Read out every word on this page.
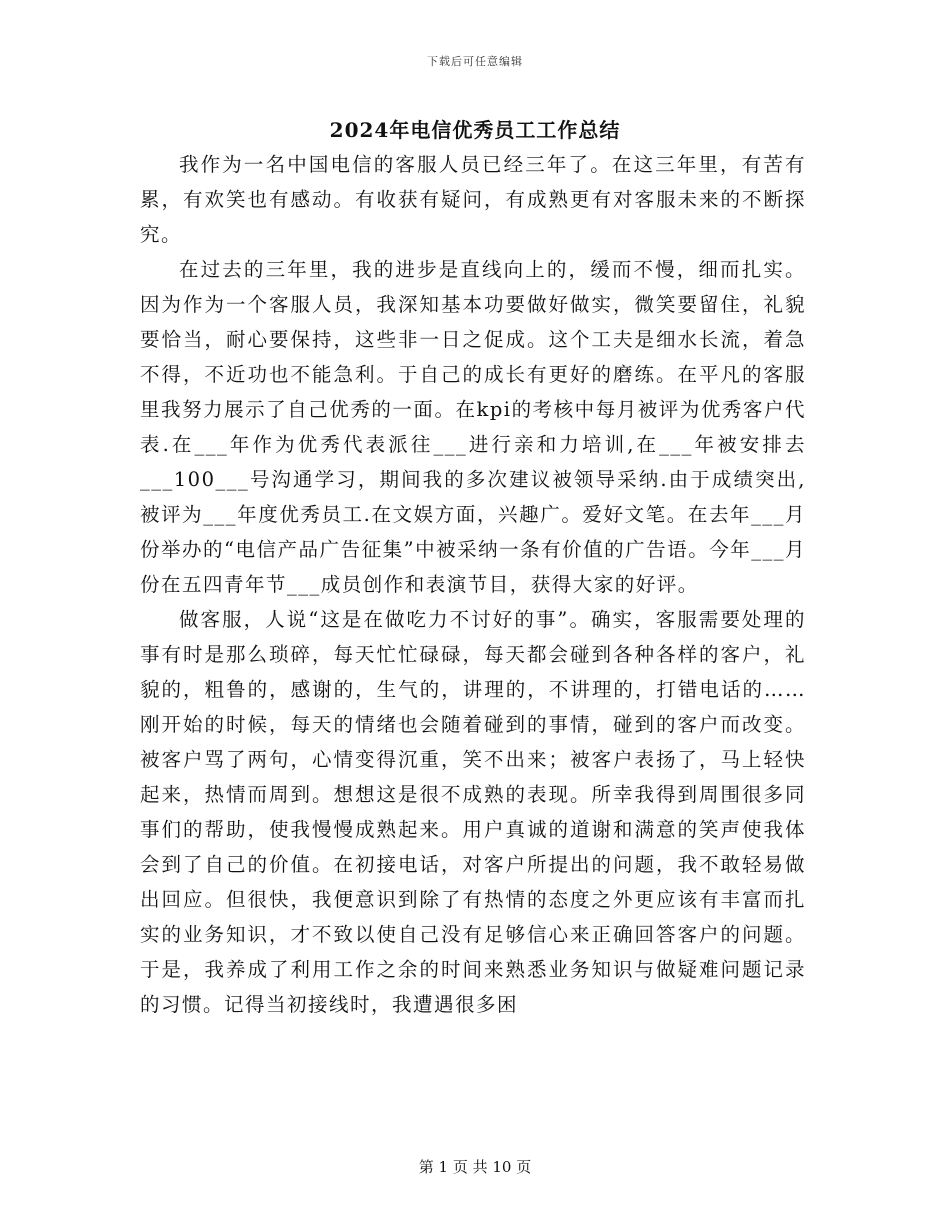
下载后可任意编辑
2024年电信优秀员工工作总结

我作为一名中国电信的客服人员已经三年了。在这三年里，有苦有累，有欢笑也有感动。有收获有疑问，有成熟更有对客服未来的不断探究。

在过去的三年里，我的进步是直线向上的，缓而不慢，细而扎实。因为作为一个客服人员，我深知基本功要做好做实，微笑要留住，礼貌要恰当，耐心要保持，这些非一日之促成。这个工夫是细水长流，着急不得，不近功也不能急利。于自己的成长有更好的磨练。在平凡的客服里我努力展示了自己优秀的一面。在kpi的考核中每月被评为优秀客户代表.在___年作为优秀代表派往___进行亲和力培训,在___年被安排去___100___号沟通学习，期间我的多次建议被领导采纳.由于成绩突出,被评为___年度优秀员工.在文娱方面，兴趣广。爱好文笔。在去年___月份举办的“电信产品广告征集”中被采纳一条有价值的广告语。今年___月份在五四青年节___成员创作和表演节目，获得大家的好评。

做客服，人说“这是在做吃力不讨好的事”。确实，客服需要处理的事有时是那么琐碎，每天忙忙碌碌，每天都会碰到各种各样的客户，礼貌的，粗鲁的，感谢的，生气的，讲理的，不讲理的，打错电话的……刚开始的时候，每天的情绪也会随着碰到的事情，碰到的客户而改变。被客户骂了两句，心情变得沉重，笑不出来；被客户表扬了，马上轻快起来，热情而周到。想想这是很不成熟的表现。所幸我得到周围很多同事们的帮助，使我慢慢成熟起来。用户真诚的道谢和满意的笑声使我体会到了自己的价值。在初接电话，对客户所提出的问题，我不敢轻易做出回应。但很快，我便意识到除了有热情的态度之外更应该有丰富而扎实的业务知识，才不致以使自己没有足够信心来正确回答客户的问题。于是，我养成了利用工作之余的时间来熟悉业务知识与做疑难问题记录的习惯。记得当初接线时，我遭遇很多困

第 1 页 共 10 页
